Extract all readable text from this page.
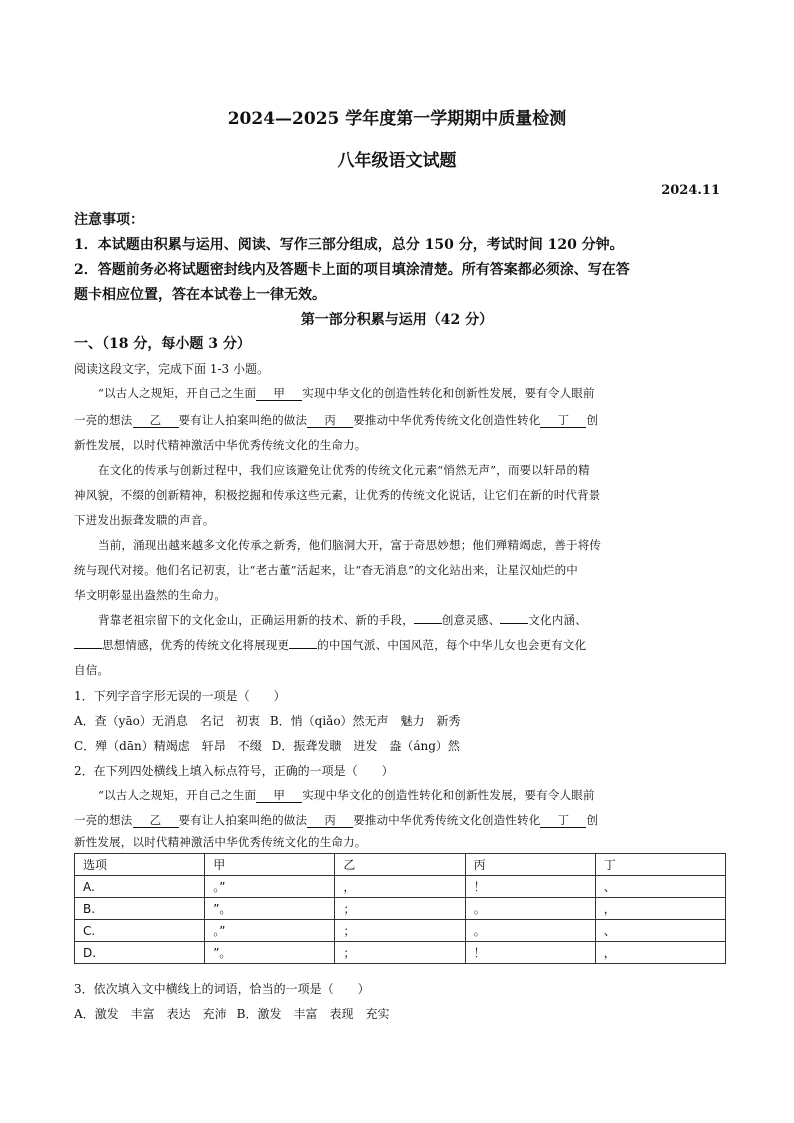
2024—2025 学年度第一学期期中质量检测
八年级语文试题
2024.11
注意事项：
1．本试题由积累与运用、阅读、写作三部分组成，总分 150 分，考试时间 120 分钟。
2．答题前务必将试题密封线内及答题卡上面的项目填涂清楚。所有答案都必须涂、写在答
题卡相应位置，答在本试卷上一律无效。
第一部分积累与运用（42 分）
一、（18 分，每小题 3 分）
阅读这段文字，完成下面 1-3 小题。
“以古人之规矩，开自己之生面 甲 实现中华文化的创造性转化和创新性发展，要有令人眼前
一亮的想法 乙 要有让人拍案叫绝的做法 丙 要推动中华优秀传统文化创造性转化 丁 创
新性发展，以时代精神激活中华优秀传统文化的生命力。
在文化的传承与创新过程中，我们应该避免让优秀的传统文化元素“悄然无声”，而要以轩昂的精
神风貌，不缀的创新精神，积极挖掘和传承这些元素，让优秀的传统文化说话，让它们在新的时代背景
下迸发出振聋发聩的声音。
当前，涌现出越来越多文化传承之新秀，他们脑洞大开，富于奇思妙想；他们殚精竭虑，善于将传
统与现代对接。他们名记初衷，让“老古董”活起来，让“杳无消息”的文化站出来，让星汉灿烂的中
华文明彰显出盎然的生命力。
背靠老祖宗留下的文化金山，正确运用新的技术、新的手段， 创意灵感、 文化内涵、
思想情感，优秀的传统文化将展现更 的中国气派、中国风范，每个中华儿女也会更有文化
自信。
1．下列字音字形无误的一项是（　　）
A．查（yāo）无消息　名记　初衷 B．悄（qiǎo）然无声　魅力　新秀
C．殚（dān）精竭虑　轩昂　不缀 D．振聋发聩　迸发　盎（áng）然
2．在下列四处横线上填入标点符号，正确的一项是（　　）
“以古人之规矩，开自己之生面 甲 实现中华文化的创造性转化和创新性发展，要有令人眼前
一亮的想法 乙 要有让人拍案叫绝的做法 丙 要推动中华优秀传统文化创造性转化 丁 创
新性发展，以时代精神激活中华优秀传统文化的生命力。
选项	甲	乙	丙	丁
A.	。”	，	！	、
B.	”。	；	。	，
C.	。”	；	。	、
D.	”。	；	！	，
3．依次填入文中横线上的词语，恰当的一项是（　　）
A．激发　丰富　表达　充沛 B．激发　丰富　表现　充实
